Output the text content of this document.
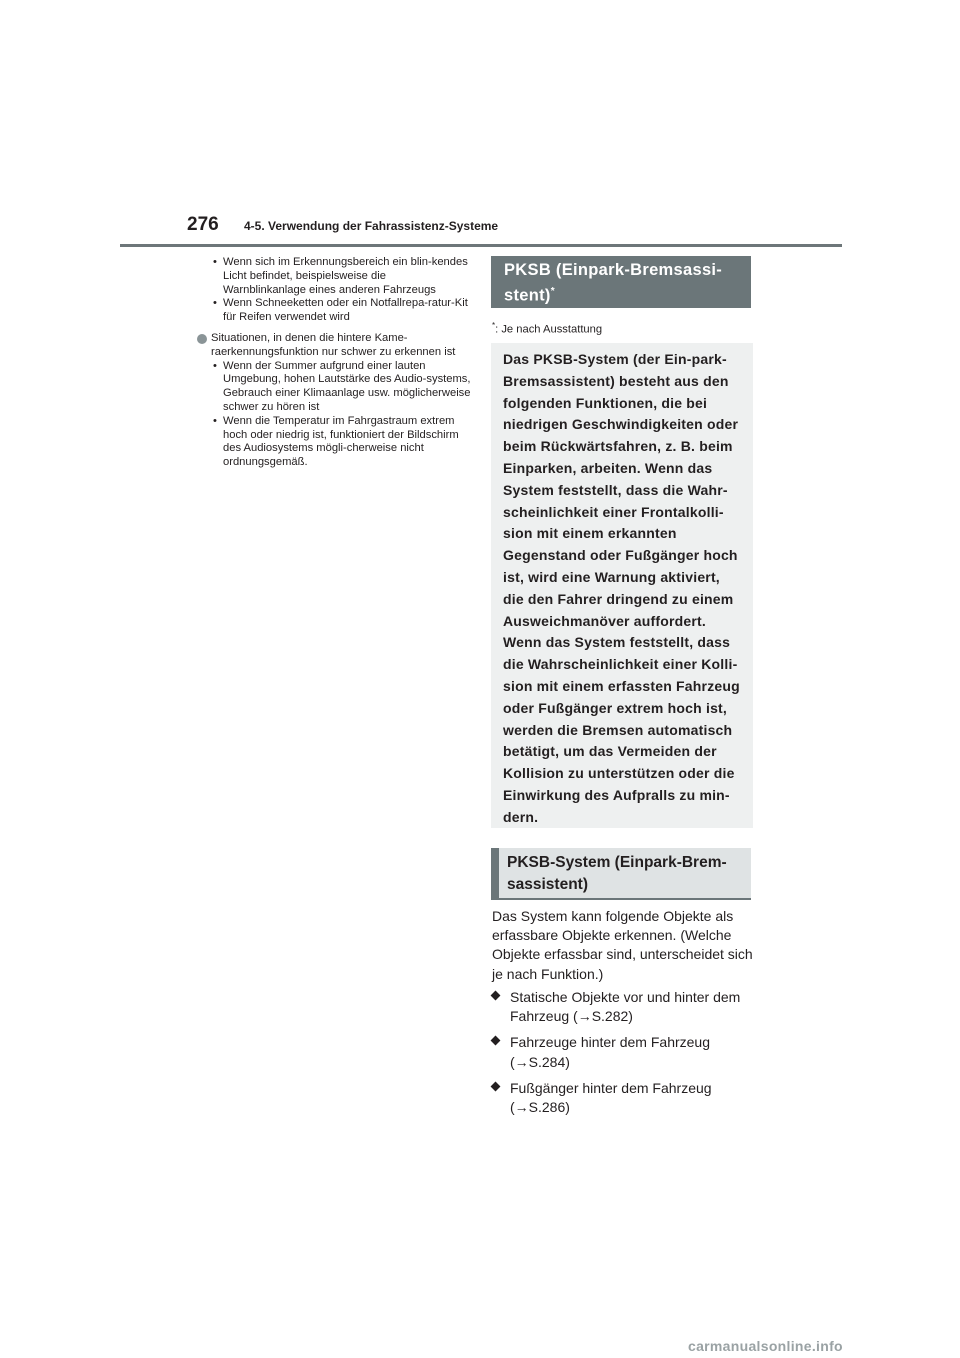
276 4-5. Verwendung der Fahrassistenz-Systeme
• Wenn sich im Erkennungsbereich ein blin-kendes Licht befindet, beispielsweise die Warnblinkanlage eines anderen Fahrzeugs
• Wenn Schneeketten oder ein Notfallrepa-ratur-Kit für Reifen verwendet wird
Situationen, in denen die hintere Kame-raerkennungsfunktion nur schwer zu erkennen ist
• Wenn der Summer aufgrund einer lauten Umgebung, hohen Lautstärke des Audio-systems, Gebrauch einer Klimaanlage usw. möglicherweise schwer zu hören ist
• Wenn die Temperatur im Fahrgastraum extrem hoch oder niedrig ist, funktioniert der Bildschirm des Audiosystems mögli-cherweise nicht ordnungsgemäß.
PKSB (Einpark-Bremsassi-stent)*
*: Je nach Ausstattung
Das PKSB-System (der Ein-park-Bremsassistent) besteht aus den folgenden Funktionen, die bei niedrigen Geschwindigkeiten oder beim Rückwärtsfahren, z. B. beim Einparken, arbeiten. Wenn das System feststellt, dass die Wahr-scheinlichkeit einer Frontalkolli-sion mit einem erkannten Gegenstand oder Fußgänger hoch ist, wird eine Warnung aktiviert, die den Fahrer dringend zu einem Ausweichmanöver auffordert. Wenn das System feststellt, dass die Wahrscheinlichkeit einer Kolli-sion mit einem erfassten Fahrzeug oder Fußgänger extrem hoch ist, werden die Bremsen automatisch betätigt, um das Vermeiden der Kollision zu unterstützen oder die Einwirkung des Aufpralls zu min-dern.
PKSB-System (Einpark-Brem-sassistent)
Das System kann folgende Objekte als erfassbare Objekte erkennen. (Welche Objekte erfassbar sind, unterscheidet sich je nach Funktion.)
Statische Objekte vor und hinter dem Fahrzeug (→S.282)
Fahrzeuge hinter dem Fahrzeug (→S.284)
Fußgänger hinter dem Fahrzeug (→S.286)
carmanualsonline.info
